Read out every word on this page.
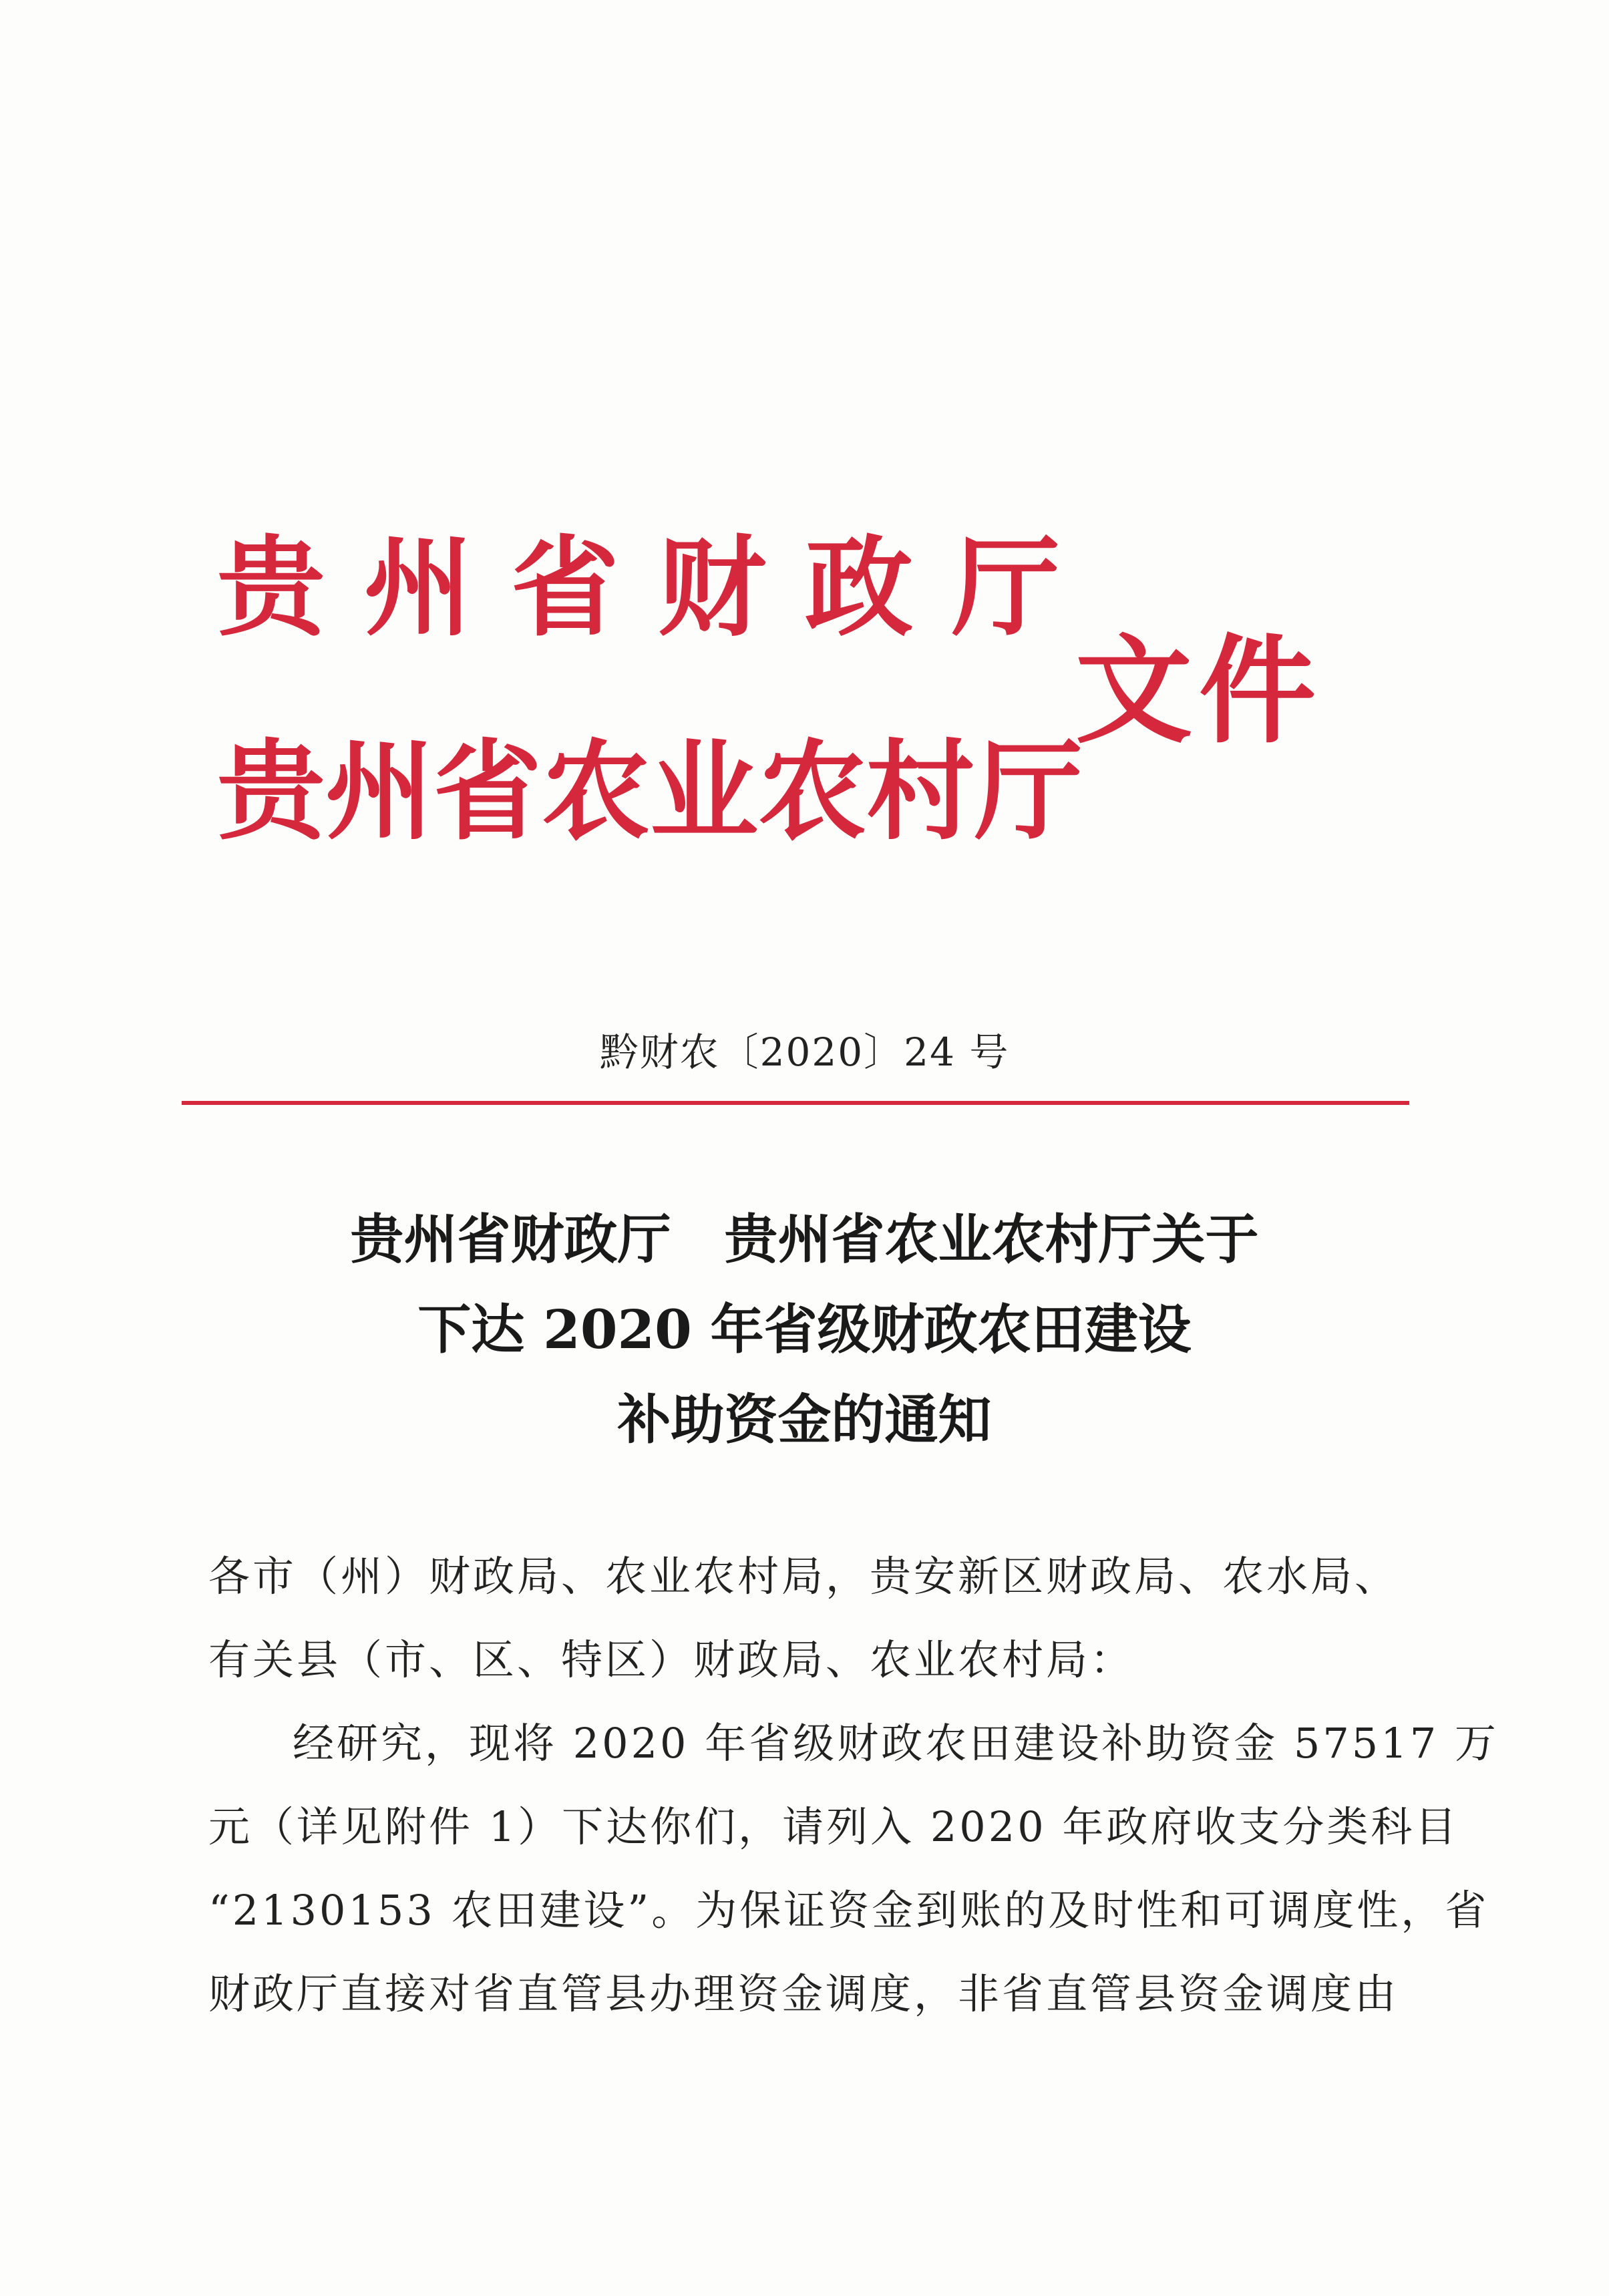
贵州省财政厅
贵州省农业农村厅
文件
黔财农〔2020〕24 号
贵州省财政厅　贵州省农业农村厅关于
下达 2020 年省级财政农田建设
补助资金的通知
各市（州）财政局、农业农村局，贵安新区财政局、农水局、
有关县（市、区、特区）财政局、农业农村局：
经研究，现将 2020 年省级财政农田建设补助资金 57517 万
元（详见附件 1）下达你们，请列入 2020 年政府收支分类科目
“2130153 农田建设”。为保证资金到账的及时性和可调度性，省
财政厅直接对省直管县办理资金调度，非省直管县资金调度由
